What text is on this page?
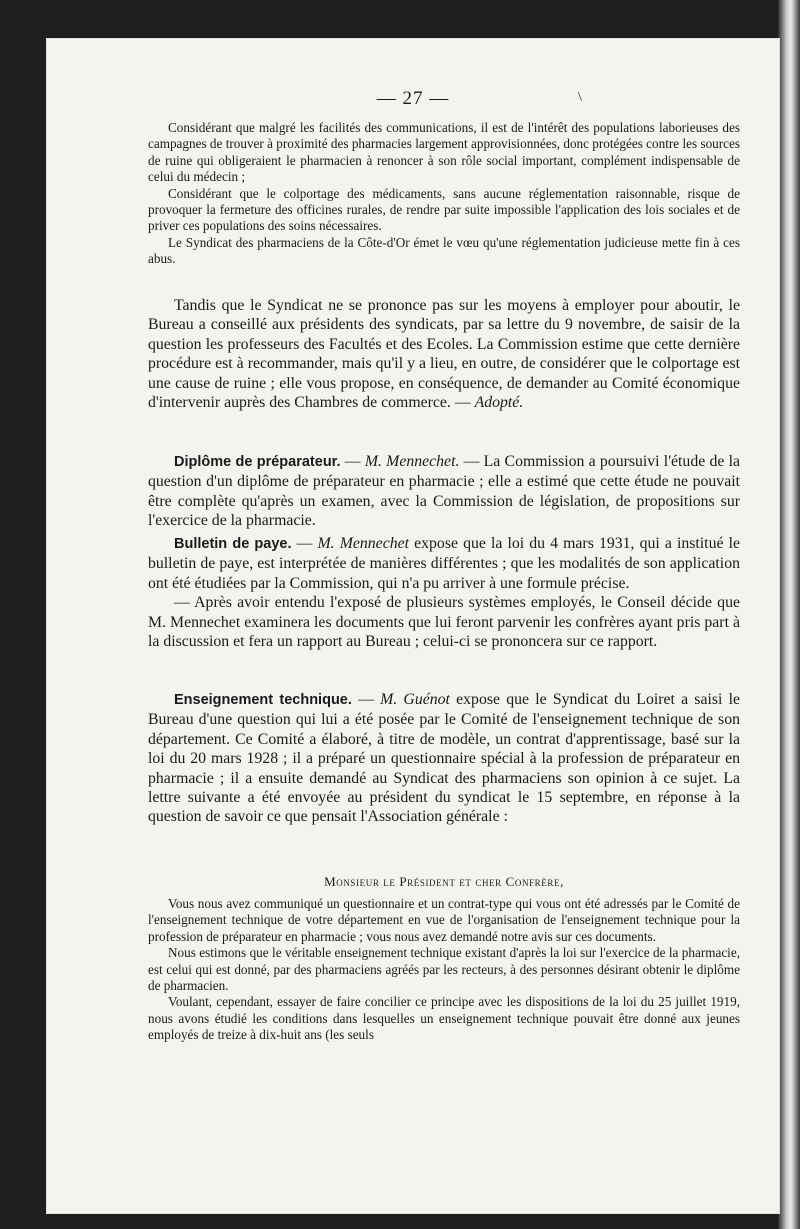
— 27 —	\

Considérant que malgré les facilités des communications, il est de l'intérêt des populations laborieuses des campagnes de trouver à proximité des pharmacies largement approvisionnées, donc protégées contre les sources de ruine qui obligeraient le pharmacien à renoncer à son rôle social important, complément indispensable de celui du médecin ;

Considérant que le colportage des médicaments, sans aucune réglementation raisonnable, risque de provoquer la fermeture des officines rurales, de rendre par suite impossible l'application des lois sociales et de priver ces populations des soins nécessaires.

Le Syndicat des pharmaciens de la Côte-d'Or émet le vœu qu'une réglementation judicieuse mette fin à ces abus.

Tandis que le Syndicat ne se prononce pas sur les moyens à employer pour aboutir, le Bureau a conseillé aux présidents des syndicats, par sa lettre du 9 novembre, de saisir de la question les professeurs des Facultés et des Ecoles. La Commission estime que cette dernière procédure est à recommander, mais qu'il y a lieu, en outre, de considérer que le colportage est une cause de ruine ; elle vous propose, en conséquence, de demander au Comité économique d'intervenir auprès des Chambres de commerce. — Adopté.

Diplôme de préparateur. — M. Mennechet. — La Commission a poursuivi l'étude de la question d'un diplôme de préparateur en pharmacie ; elle a estimé que cette étude ne pouvait être complète qu'après un examen, avec la Commission de législation, de propositions sur l'exercice de la pharmacie.

Bulletin de paye. — M. Mennechet expose que la loi du 4 mars 1931, qui a institué le bulletin de paye, est interprétée de manières différentes ; que les modalités de son application ont été étudiées par la Commission, qui n'a pu arriver à une formule précise.

— Après avoir entendu l'exposé de plusieurs systèmes employés, le Conseil décide que M. Mennechet examinera les documents que lui feront parvenir les confrères ayant pris part à la discussion et fera un rapport au Bureau ; celui-ci se prononcera sur ce rapport.

Enseignement technique. — M. Guénot expose que le Syndicat du Loiret a saisi le Bureau d'une question qui lui a été posée par le Comité de l'enseignement technique de son département. Ce Comité a élaboré, à titre de modèle, un contrat d'apprentissage, basé sur la loi du 20 mars 1928 ; il a préparé un questionnaire spécial à la profession de préparateur en pharmacie ; il a ensuite demandé au Syndicat des pharmaciens son opinion à ce sujet. La lettre suivante a été envoyée au président du syndicat le 15 septembre, en réponse à la question de savoir ce que pensait l'Association générale :

Monsieur le Président et cher Confrère,

Vous nous avez communiqué un questionnaire et un contrat-type qui vous ont été adressés par le Comité de l'enseignement technique de votre département en vue de l'organisation de l'enseignement technique pour la profession de préparateur en pharmacie ; vous nous avez demandé notre avis sur ces documents.

Nous estimons que le véritable enseignement technique existant d'après la loi sur l'exercice de la pharmacie, est celui qui est donné, par des pharmaciens agréés par les recteurs, à des personnes désirant obtenir le diplôme de pharmacien.

Voulant, cependant, essayer de faire concilier ce principe avec les dispositions de la loi du 25 juillet 1919, nous avons étudié les conditions dans lesquelles un enseignement technique pouvait être donné aux jeunes employés de treize à dix-huit ans (les seuls
